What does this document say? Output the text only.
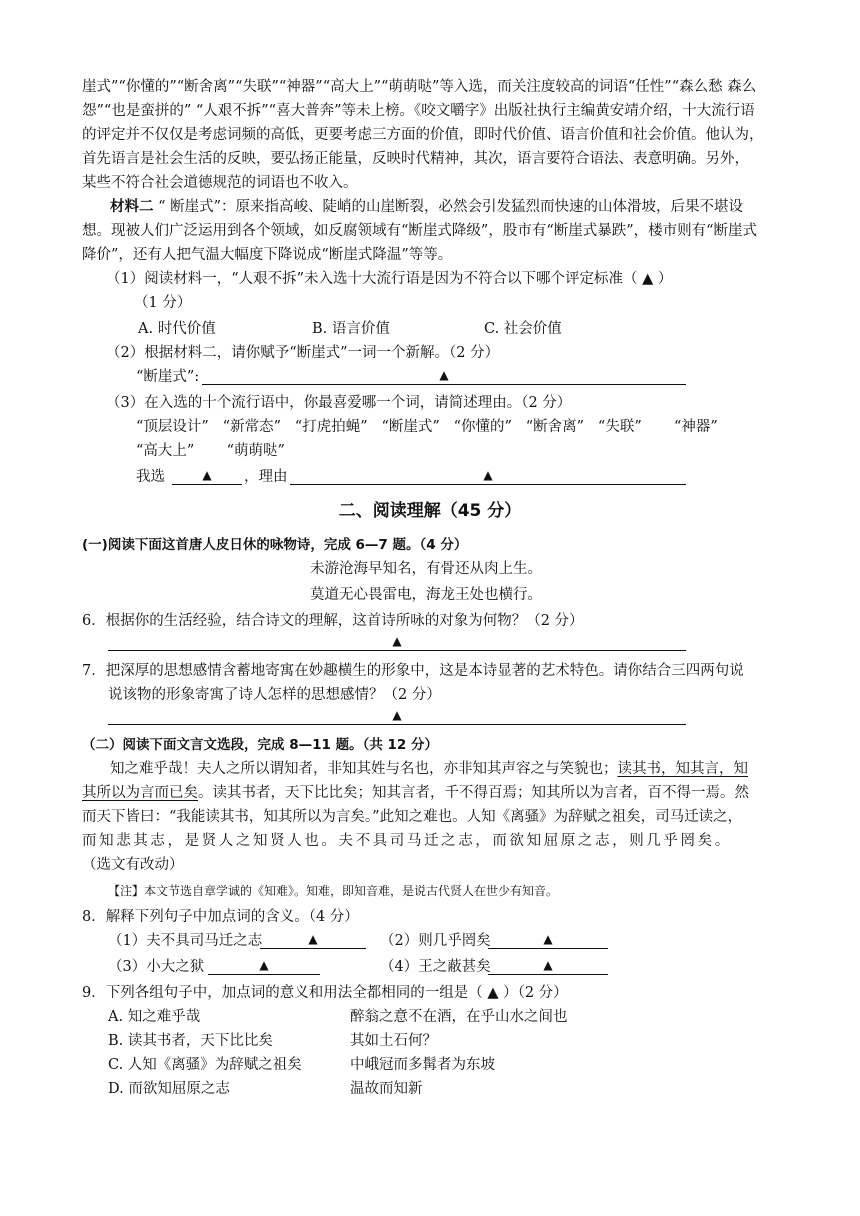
崖式”“你懂的”“断舍离”“失联”“神器”“高大上”“萌萌哒”等入选，而关注度较高的词语“任性”“森么愁 森么
怨”“也是蛮拼的” “人艰不拆”“喜大普奔”等未上榜。《咬文嚼字》出版社执行主编黄安靖介绍，十大流行语
的评定并不仅仅是考虑词频的高低，更要考虑三方面的价值，即时代价值、语言价值和社会价值。他认为，
首先语言是社会生活的反映，要弘扬正能量，反映时代精神，其次，语言要符合语法、表意明确。另外，
某些不符合社会道德规范的词语也不收入。
材料二 “ 断崖式”：原来指高峻、陡峭的山崖断裂，必然会引发猛烈而快速的山体滑坡，后果不堪设
想。现被人们广泛运用到各个领域，如反腐领域有“断崖式降级”，股市有“断崖式暴跌”，楼市则有“断崖式
降价”，还有人把气温大幅度下降说成“断崖式降温”等等。
（1）阅读材料一，“人艰不拆”未入选十大流行语是因为不符合以下哪个评定标准（ ▲ ）
（1 分）
A. 时代价值	B. 语言价值	C. 社会价值
（2）根据材料二，请你赋予“断崖式”一词一个新解。（2 分）
“断崖式”:	▲
（3）在入选的十个流行语中，你最喜爱哪一个词，请简述理由。（2 分）
“顶层设计”   “新常态”   “打虎拍蝇”   “断崖式”   “你懂的”   “断舍离”   “失联”       “神器”
“高大上”       “萌萌哒”
我选	▲	，理由	▲
二、阅读理解（45 分）
(一)阅读下面这首唐人皮日休的咏物诗，完成 6—7 题。（4 分）
未游沧海早知名，有骨还从肉上生。
莫道无心畏雷电，海龙王处也横行。
6．根据你的生活经验，结合诗文的理解，这首诗所咏的对象为何物？（2 分）
▲
7．把深厚的思想感情含蓄地寄寓在妙趣横生的形象中，这是本诗显著的艺术特色。请你结合三四两句说
说该物的形象寄寓了诗人怎样的思想感情？（2 分）
▲
（二）阅读下面文言文选段，完成 8—11 题。（共 12 分）
知之难乎哉！夫人之所以谓知者，非知其姓与名也，亦非知其声容之与笑貌也；读其书，知其言，知
其所以为言而已矣。读其书者，天下比比矣；知其言者，千不得百焉；知其所以为言者，百不得一焉。然
而天下皆曰：“我能读其书，知其所以为言矣。”此知之难也。人知《离骚》为辞赋之祖矣，司马迁读之，
而知悲其志，是贤人之知贤人也。夫不具司马迁之志，而欲知屈原之志，则几乎罔矣。
（选文有改动）
【注】本文节选自章学诚的《知难》。知难，即知音难，是说古代贤人在世少有知音。
8．解释下列句子中加点词的含义。（4 分）
（1）夫不具司马迁之志	▲	（2）则几乎罔矣	▲
（3）小大之狱	▲	（4）王之蔽甚矣	▲
9．下列各组句子中，加点词的意义和用法全都相同的一组是（ ▲ ）（2 分）
A. 知之难乎哉	醉翁之意不在酒，在乎山水之间也
B. 读其书者，天下比比矣	其如土石何？
C. 人知《离骚》为辞赋之祖矣	中峨冠而多髯者为东坡
D. 而欲知屈原之志	温故而知新
